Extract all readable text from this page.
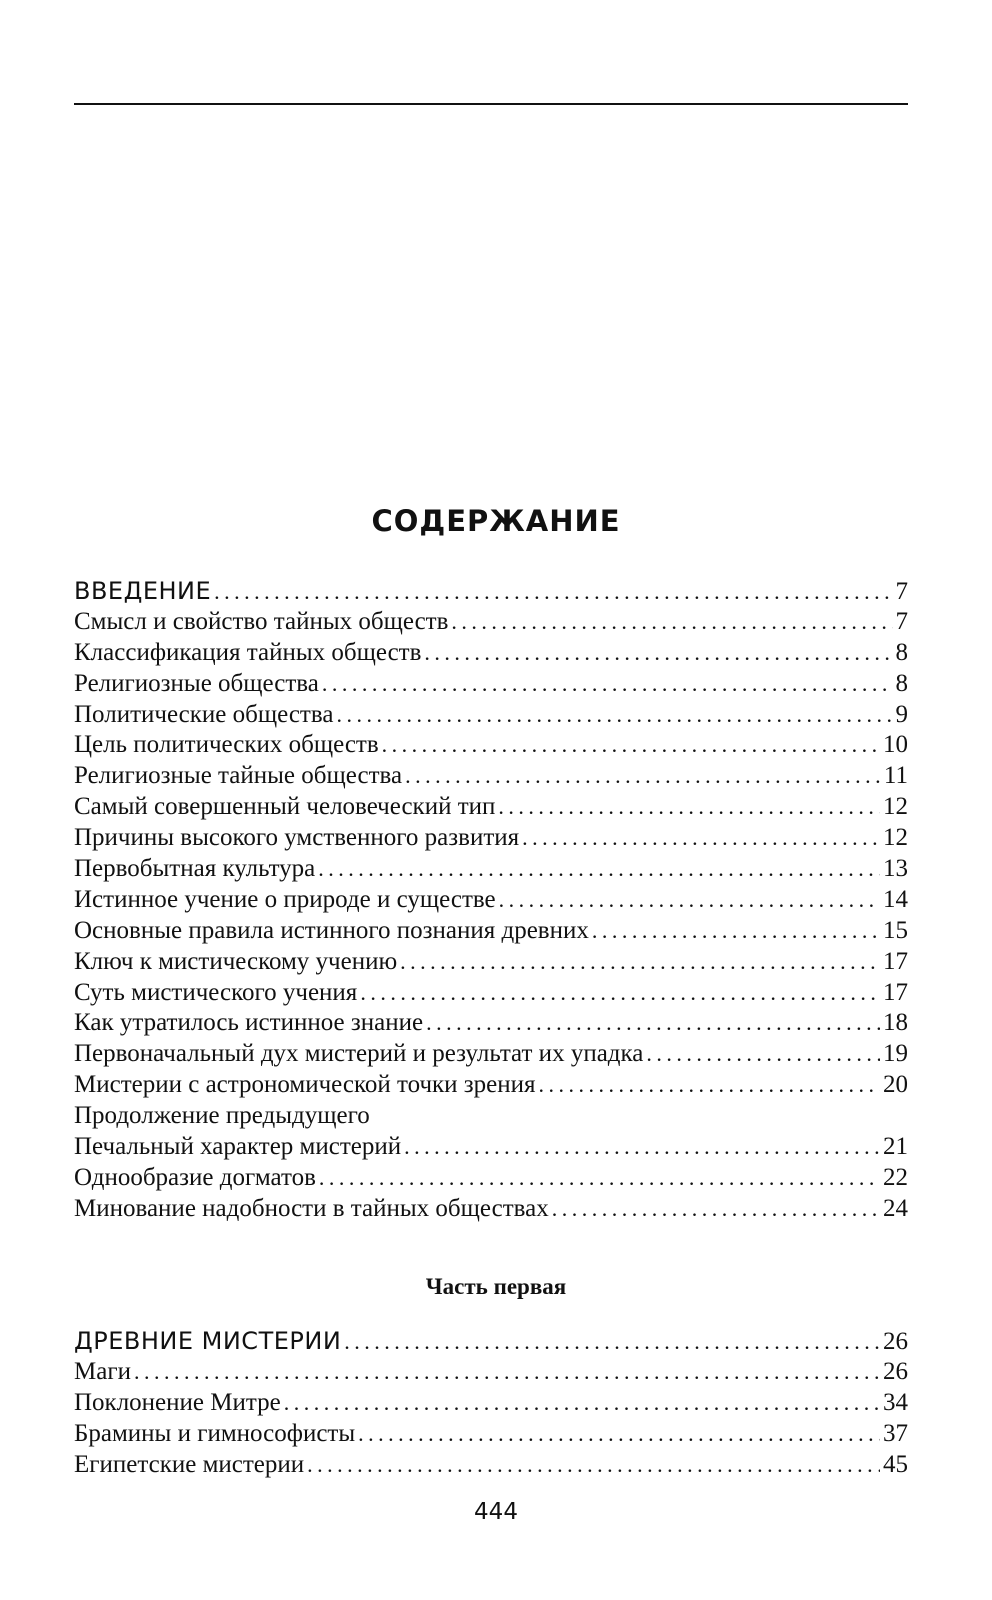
СОДЕРЖАНИЕ
ВВЕДЕНИЕ .....	7
Смысл и свойство тайных обществ .....	7
Классификация тайных обществ .....	8
Религиозные общества .....	8
Политические общества .....	9
Цель политических обществ .....	10
Религиозные тайные общества .....	11
Самый совершенный человеческий тип .....	12
Причины высокого умственного развития .....	12
Первобытная культура .....	13
Истинное учение о природе и существе .....	14
Основные правила истинного познания древних .....	15
Ключ к мистическому учению .....	17
Суть мистического учения .....	17
Как утратилось истинное знание .....	18
Первоначальный дух мистерий и результат их упадка .....	19
Мистерии с астрономической точки зрения .....	20
Продолжение предыдущего
Печальный характер мистерий .....	21
Однообразие догматов .....	22
Минование надобности в тайных обществах .....	24
Часть первая
ДРЕВНИЕ МИСТЕРИИ .....	26
Маги .....	26
Поклонение Митре .....	34
Брамины и гимнософисты .....	37
Египетские мистерии .....	45
444
